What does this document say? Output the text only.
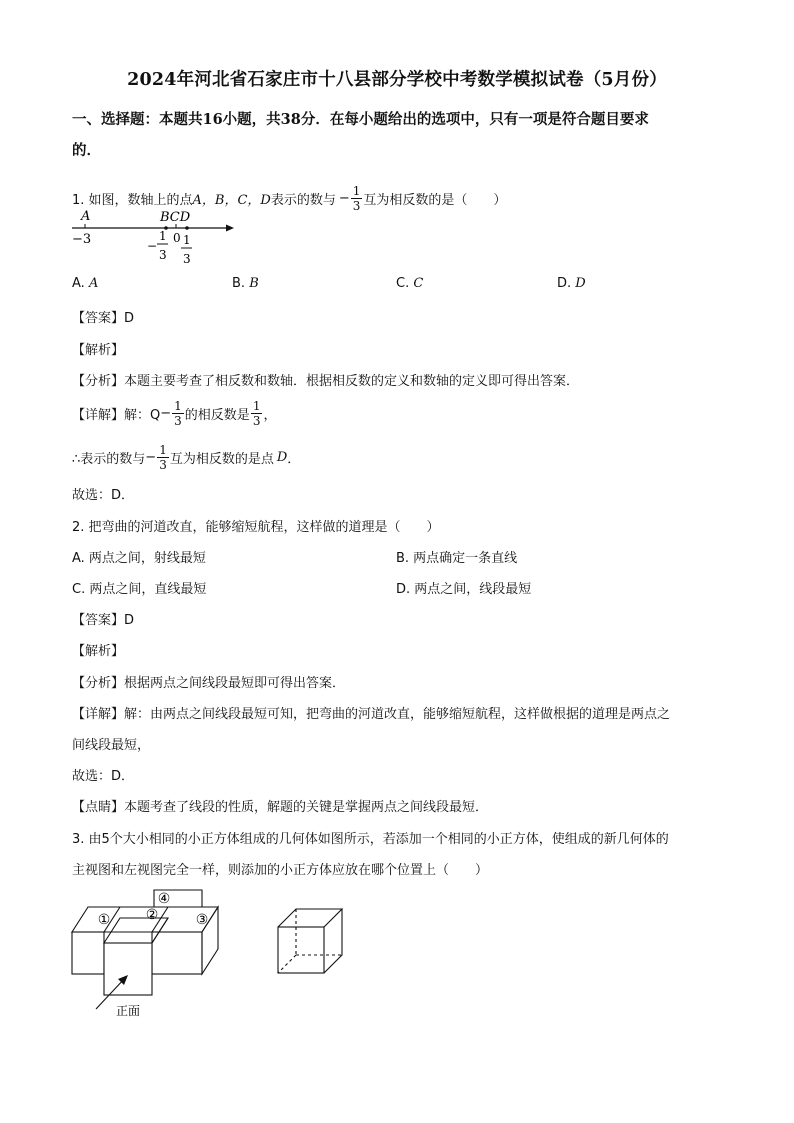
2024年河北省石家庄市十八县部分学校中考数学模拟试卷（5月份）
一、选择题：本题共16小题，共38分．在每小题给出的选项中，只有一项是符合题目要求
的．
1. 如图，数轴上的点 A，B，C，D 表示的数与 − $\frac{1}{3}$ 互为相反数的是（　　）
A
−3
BCD
0
−
1
3
1
3
A. A	B. B	C. C	D. D
【答案】D
【解析】
【分析】本题主要考查了相反数和数轴．根据相反数的定义和数轴的定义即可得出答案．
【详解】 解：$Q - \frac{1}{3}$ 的相反数是 $\frac{1}{3}$ ，
∴表示的数与 − $\frac{1}{3}$ 互为相反数的是点 D ．
故选：D．
2. 把弯曲的河道改直，能够缩短航程，这样做的道理是（　　）
A. 两点之间，射线最短	B. 两点确定一条直线
C. 两点之间，直线最短	D. 两点之间，线段最短
【答案】D
【解析】
【分析】根据两点之间线段最短即可得出答案．
【详解】解：由两点之间线段最短可知，把弯曲的河道改直，能够缩短航程，这样做根据的道理是两点之
间线段最短，
故选：D．
【点睛】本题考查了线段的性质，解题的关键是掌握两点之间线段最短．
3. 由5个大小相同的小正方体组成的几何体如图所示，若添加一个相同的小正方体，使组成的新几何体的
主视图和左视图完全一样，则添加的小正方体应放在哪个位置上（　　）
④
①	②	③
正面
